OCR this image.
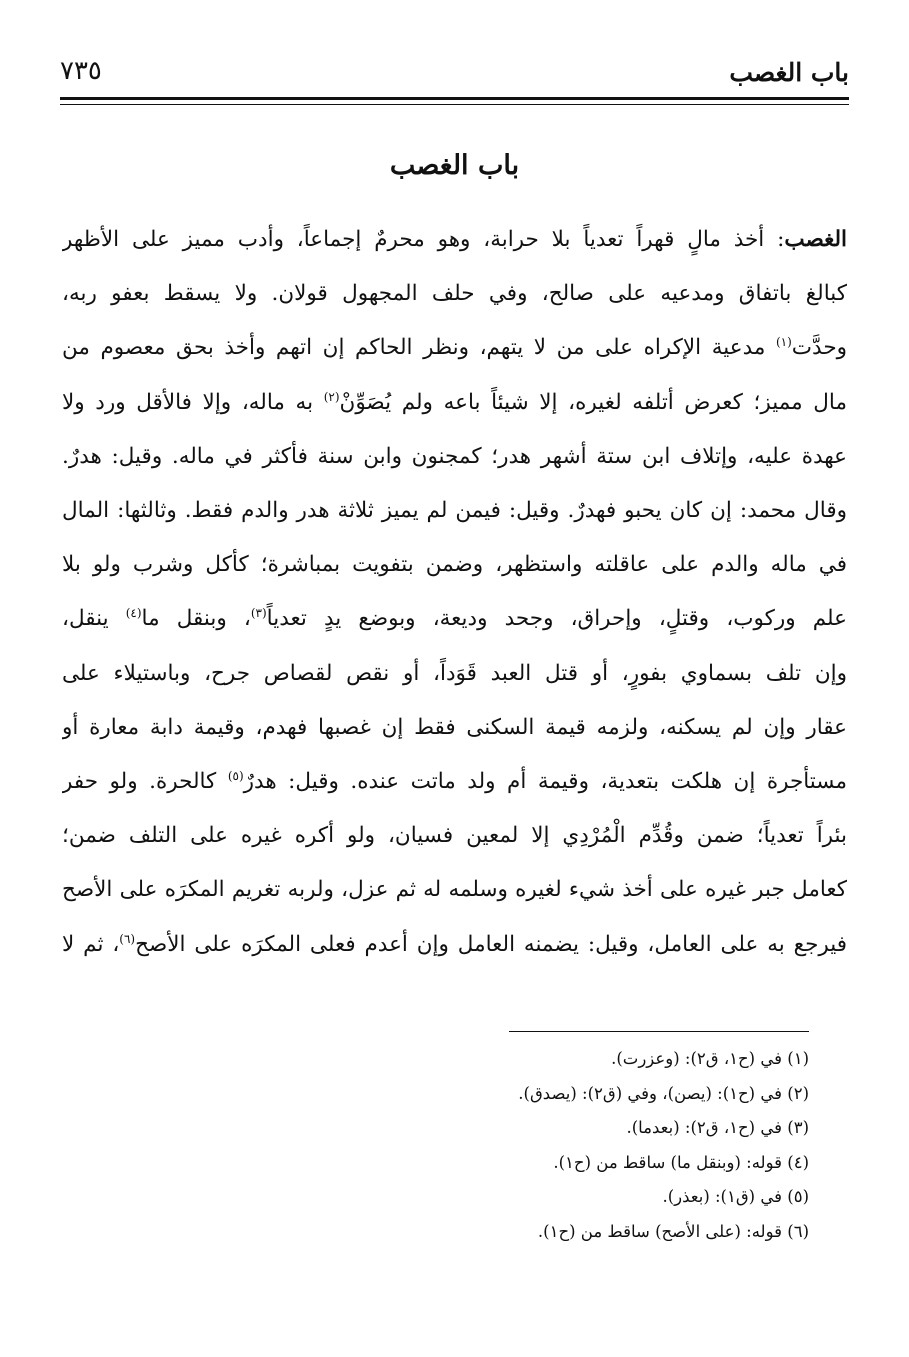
باب الغصب
٧٣٥
باب الغصب
الغصب: أخذ مالٍ قهراً تعدياً بلا حرابة، وهو محرمٌ إجماعاً، وأدب مميز على الأظهر
كبالغ باتفاق ومدعيه على صالح، وفي حلف المجهول قولان. ولا يسقط بعفو ربه،
وحدَّت$^{(١)}$ مدعية الإكراه على من لا يتهم، ونظر الحاكم إن اتهم وأخذ بحق معصوم من
مال مميز؛ كعرض أتلفه لغيره، إلا شيئاً باعه ولم يُصَوِّنْ$^{(٢)}$ به ماله، وإلا فالأقل ورد ولا
عهدة عليه، وإتلاف ابن ستة أشهر هدر؛ كمجنون وابن سنة فأكثر في ماله. وقيل: هدرٌ.
وقال محمد: إن كان يحبو فهدرٌ. وقيل: فيمن لم يميز ثلاثة هدر والدم فقط. وثالثها: المال
في ماله والدم على عاقلته واستظهر، وضمن بتفويت بمباشرة؛ كأكل وشرب ولو بلا
علم وركوب، وقتلٍ، وإحراق، وجحد وديعة، وبوضع يدٍ تعدياً$^{(٣)}$، وبنقل ما$^{(٤)}$ ينقل،
وإن تلف بسماوي بفورٍ، أو قتل العبد قَوَداً، أو نقص لقصاص جرح، وباستيلاء على
عقار وإن لم يسكنه، ولزمه قيمة السكنى فقط إن غصبها فهدم، وقيمة دابة معارة أو
مستأجرة إن هلكت بتعدية، وقيمة أم ولد ماتت عنده. وقيل: هدرٌ$^{(٥)}$ كالحرة. ولو حفر
بئراً تعدياً؛ ضمن وقُدِّم الْمُرْدِي إلا لمعين فسيان، ولو أكره غيره على التلف ضمن؛
كعامل جبر غيره على أخذ شيء لغيره وسلمه له ثم عزل، ولربه تغريم المكرَه على الأصح
فيرجع به على العامل، وقيل: يضمنه العامل وإن أعدم فعلى المكرَه على الأصح$^{(٦)}$، ثم لا
(١) في (ح١، ق٢): (وعزرت).
(٢) في (ح١): (يصن)، وفي (ق٢): (يصدق).
(٣) في (ح١، ق٢): (بعدما).
(٤) قوله: (وبنقل ما) ساقط من (ح١).
(٥) في (ق١): (بعذر).
(٦) قوله: (على الأصح) ساقط من (ح١).
